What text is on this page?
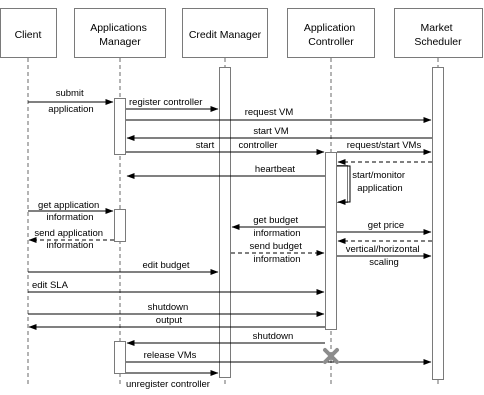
Client
Applications Manager
Credit Manager
Application Controller
Market Scheduler
submit application
register controller
request VM
start VM
start	controller	request/start VMs
heartbeat
start/monitor application
get application information
send application information
get budget information
send budget information
get price
vertical/horizontal scaling
edit budget
edit SLA
shutdown
output
shutdown
release VMs
unregister controller
